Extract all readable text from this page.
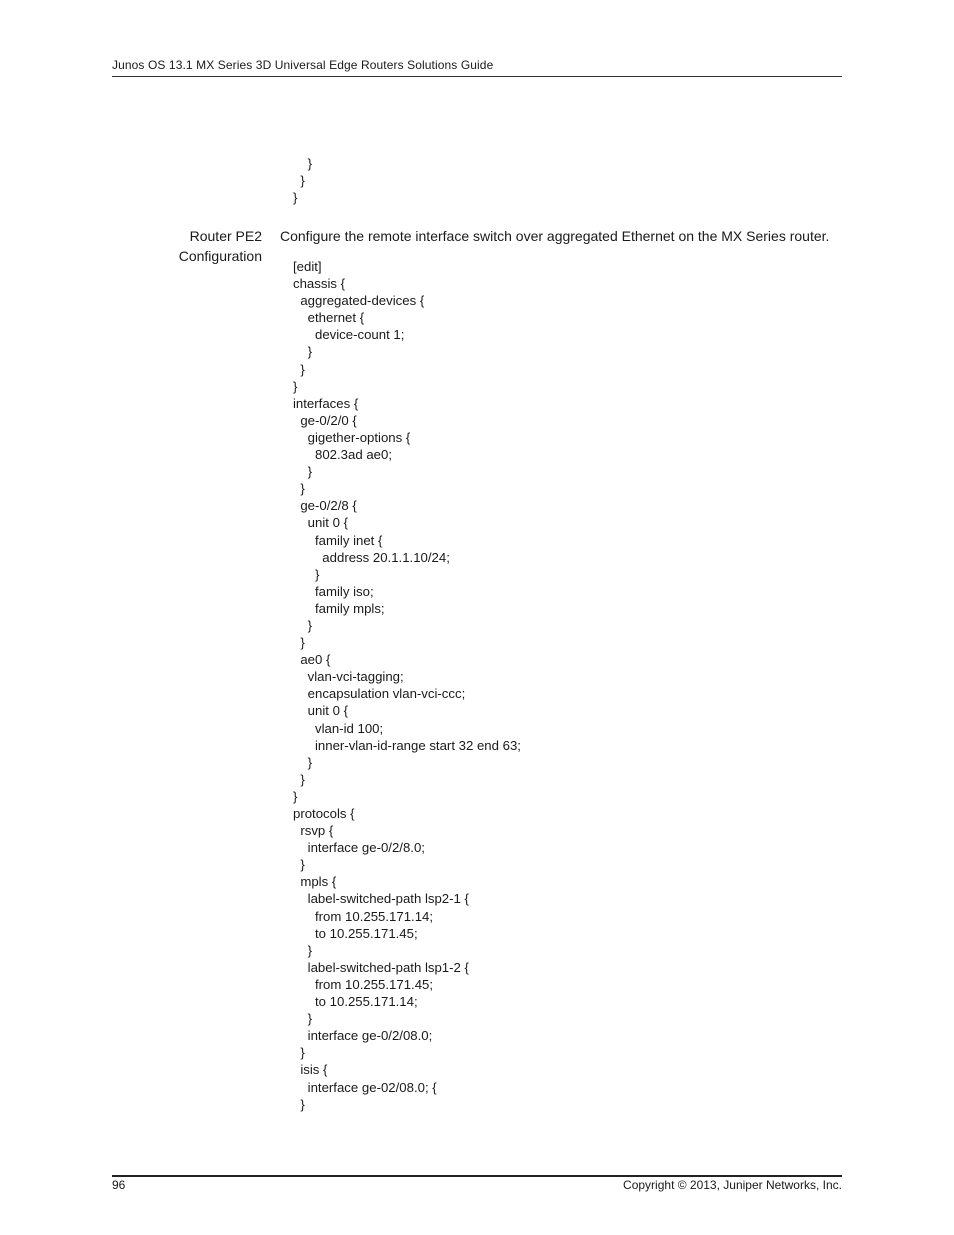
Junos OS 13.1 MX Series 3D Universal Edge Routers Solutions Guide
}
}
}
Router PE2
Configuration
Configure the remote interface switch over aggregated Ethernet on the MX Series router.
[edit]
chassis {
aggregated-devices {
ethernet {
device-count 1;
}
}
}
interfaces {
ge-0/2/0 {
gigether-options {
802.3ad ae0;
}
}
ge-0/2/8 {
unit 0 {
family inet {
address 20.1.1.10/24;
}
family iso;
family mpls;
}
}
ae0 {
vlan-vci-tagging;
encapsulation vlan-vci-ccc;
unit 0 {
vlan-id 100;
inner-vlan-id-range start 32 end 63;
}
}
}
protocols {
rsvp {
interface ge-0/2/8.0;
}
mpls {
label-switched-path lsp2-1 {
from 10.255.171.14;
to 10.255.171.45;
}
label-switched-path lsp1-2 {
from 10.255.171.45;
to 10.255.171.14;
}
interface ge-0/2/08.0;
}
isis {
interface ge-02/08.0; {
}
96	Copyright © 2013, Juniper Networks, Inc.
